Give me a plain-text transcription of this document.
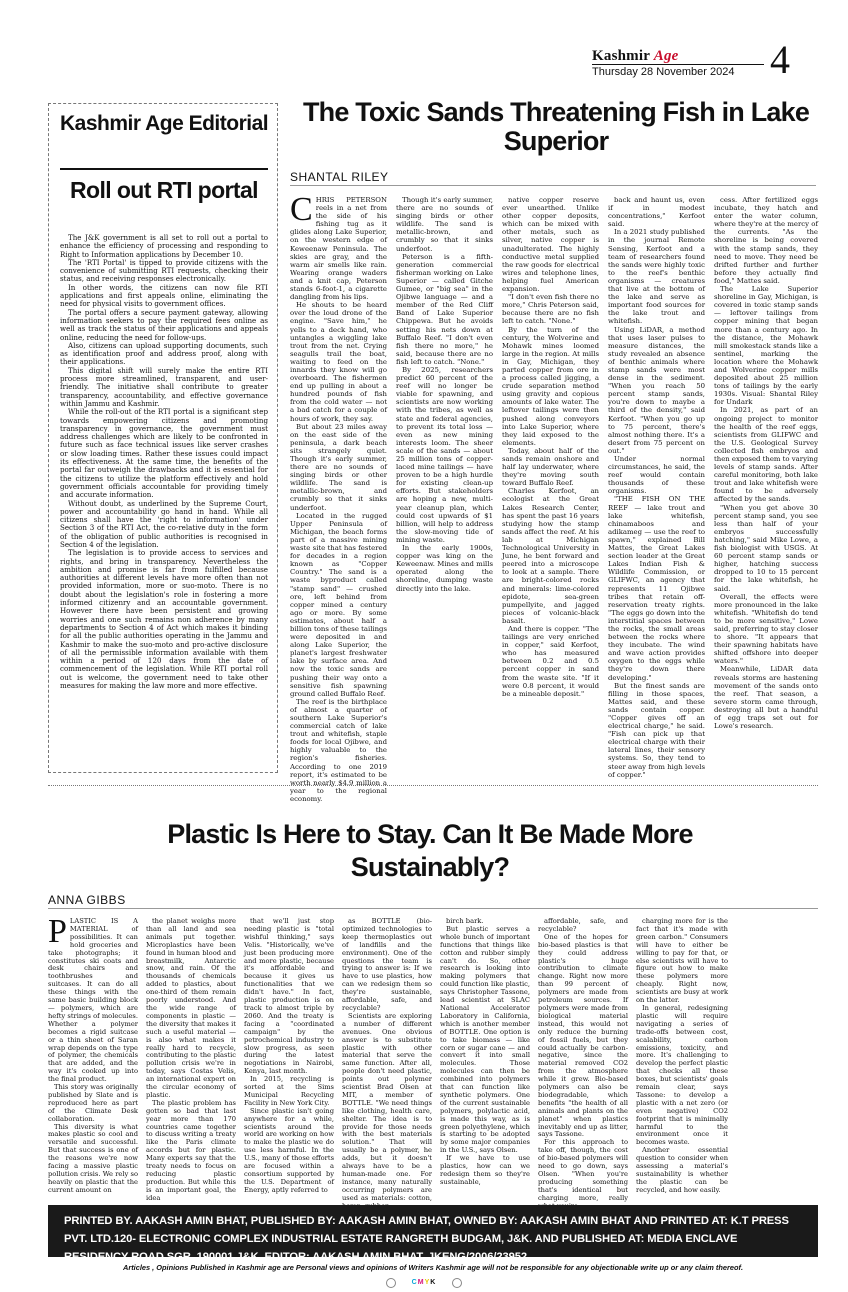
Kashmir Age
Thursday 28 November 2024 4
Kashmir Age Editorial
Roll out RTI portal

The J&K government is all set to roll out a portal to enhance the efficiency of processing and responding to Right to Information applications by December 10.

The 'RTI Portal' is tipped to provide citizens with the convenience of submitting RTI requests, checking their status, and receiving responses electronically.

In other words, the citizens can now file RTI applications and first appeals online, eliminating the need for physical visits to government offices.

The portal offers a secure payment gateway, allowing information seekers to pay the required fees online as well as track the status of their applications and appeals online, reducing the need for follow-ups.

Also, citizens can upload supporting documents, such as identification proof and address proof, along with their applications.

This digital shift will surely make the entire RTI process more streamlined, transparent, and user-friendly. The initiative shall contribute to greater transparency, accountability, and effective governance within Jammu and Kashmir.

While the roll-out of the RTI portal is a significant step towards empowering citizens and promoting transparency in governance, the government must address challenges which are likely to be confronted in future such as face technical issues like server crashes or slow loading times. Rather these issues could impact its effectiveness. At the same time, the benefits of the portal far outweigh the drawbacks and it is essential for the citizens to utilize the platform effectively and hold government officials accountable for providing timely and accurate information.

Without doubt, as underlined by the Supreme Court, power and accountability go hand in hand. While all citizens shall have the 'right to information' under Section 3 of the RTI Act, the co-relative duty in the form of the obligation of public authorities is recognised in Section 4 of the legislation.

The legislation is to provide access to services and rights, and bring in transparency. Nevertheless the ambition and promise is far from fulfilled because authorities at different levels have more often than not provided information, more or suo-moto. There is no doubt about the legislation's role in fostering a more informed citizenry and an accountable government. However there have been persistent and growing worries and one such remains non adherence by many departments to Section 4 of Act which makes it binding for all the public authorities operating in the Jammu and Kashmir to make the suo-moto and pro-active disclosure of all the permissible information available with them within a period of 120 days from the date of commencement of the legislation. While RTI portal roll out is welcome, the government need to take other measures for making the law more and more effective.

The Toxic Sands Threatening Fish in Lake Superior
SHANTAL RILEY

CHRIS PETERSON reels in a net from the side of his fishing tug as it glides along Lake Superior, on the western edge of Keweenaw Peninsula. The skies are gray, and the warm air smells like rain. Wearing orange waders and a knit cap, Peterson stands 6-foot-1, a cigarette dangling from his lips.

He shouts to be heard over the loud drone of the engine. "Save him," he yells to a deck hand, who untangles a wiggling lake trout from the net. Crying seagulls trail the boat, waiting to feed on the innards they know will go overboard. The fishermen end up pulling in about a hundred pounds of fish from the cold water — not a bad catch for a couple of hours of work, they say.

But about 23 miles away on the east side of the peninsula, a dark beach sits strangely quiet. Though it's early summer, there are no sounds of singing birds or other wildlife. The sand is metallic-brown, and crumbly so that it sinks underfoot.

Located in the rugged Upper Peninsula of Michigan, the beach forms part of a massive mining waste site that has festered for decades in a region known as "Copper Country." The sand is a waste byproduct called "stamp sand" — crushed ore, left behind from copper mined a century ago or more. By some estimates, about half a billion tons of these tailings were deposited in and along Lake Superior, the planet's largest freshwater lake by surface area. And now the toxic sands are pushing their way onto a sensitive fish spawning ground called Buffalo Reef.

The reef is the birthplace of almost a quarter of southern Lake Superior's commercial catch of lake trout and whitefish, staple foods for local Ojibwe, and highly valuable to the region's fisheries. According to one 2019 report, it's estimated to be worth nearly $4.9 million a year to the regional economy.

Though it's early summer, there are no sounds of singing birds or other wildlife. The sand is metallic-brown, and crumbly so that it sinks underfoot.

Peterson is a fifth-generation commercial fisherman working on Lake Superior — called Gitche Gumee, or "big sea" in the Ojibwe language — and a member of the Red Cliff Band of Lake Superior Chippewa. But he avoids setting his nets down at Buffalo Reef. "I don't even fish there no more," he said, because there are no fish left to catch. "None."

By 2025, researchers predict 60 percent of the reef will no longer be viable for spawning, and scientists are now working with the tribes, as well as state and federal agencies, to prevent its total loss — even as new mining interests loom. The sheer scale of the sands — about 25 million tons of copper-laced mine tailings — have proven to be a high hurdle for existing clean-up efforts. But stakeholders are hoping a new, multi-year cleanup plan, which could cost upwards of $1 billion, will help to address the slow-moving tide of mining waste.

In the early 1900s, copper was king on the Keweenaw. Mines and mills operated along the shoreline, dumping waste directly into the lake.

native copper reserve ever unearthed. Unlike other copper deposits, which can be mixed with other metals, such as silver, native copper is unadulterated. The highly conductive metal supplied the raw goods for electrical wires and telephone lines, helping fuel American expansion.

"I don't even fish there no more," Chris Peterson said, because there are no fish left to catch. "None."

By the turn of the century, the Wolverine and Mohawk mines loomed large in the region. At mills in Gay, Michigan, they parted copper from ore in a process called jigging, a crude separation method using gravity and copious amounts of lake water. The leftover tailings were then pushed along conveyors into Lake Superior, where they laid exposed to the elements.

Today, about half of the sands remain onshore and half lay underwater, where they're moving south toward Buffalo Reef.

Charles Kerfoot, an ecologist at the Great Lakes Research Center, has spent the past 16 years studying how the stamp sands affect the reef. At his lab at Michigan Technological University in June, he bent forward and peered into a microscope to look at a sample. There are bright-colored rocks and minerals: lime-colored epidote, sea-green pumpellyite, and jagged pieces of volcanic-black basalt.

And there is copper. "The tailings are very enriched in copper," said Kerfoot, who has measured between 0.2 and 0.5 percent copper in sand from the waste site. "If it were 0.8 percent, it would be a mineable deposit."

back and haunt us, even if in modest concentrations," Kerfoot said.

In a 2021 study published in the journal Remote Sensing, Kerfoot and a team of researchers found the sands were highly toxic to the reef's benthic organisms — creatures that live at the bottom of the lake and serve as important food sources for the lake trout and whitefish.

Using LiDAR, a method that uses laser pulses to measure distances, the study revealed an absence of benthic animals where stamp sands were most dense in the sediment. "When you reach 50 percent stamp sands, you're down to maybe a third of the density," said Kerfoot. "When you go up to 75 percent, there's almost nothing there. It's a desert from 75 percent on out."

Under normal circumstances, he said, the reef would contain thousands of these organisms.

"THE FISH ON THE REEF — lake trout and lake whitefish, chinamaboos and adikameg — use the reef to spawn," explained Bill Mattes, the Great Lakes section leader at the Great Lakes Indian Fish & Wildlife Commission, or GLIFWC, an agency that represents 11 Ojibwe tribes that retain off-reservation treaty rights. "The eggs go down into the interstitial spaces between the rocks, the small areas between the rocks where they incubate. The wind and wave action provides oxygen to the eggs while they're down there developing."

But the finest sands are filling in those spaces, Mattes said, and these sands contain copper. "Copper gives off an electrical charge," he said. "Fish can pick up that electrical charge with their lateral lines, their sensory systems. So, they tend to steer away from high levels of copper."

cess. After fertilized eggs incubate, they hatch and enter the water column, where they're at the mercy of the currents. "As the shoreline is being covered with the stamp sands, they need to move. They need be drifted further and further before they actually find food," Mattes said.

The Lake Superior shoreline in Gay, Michigan, is covered in toxic stamp sands — leftover tailings from copper mining that began more than a century ago. In the distance, the Mohawk mill smokestack stands like a sentinel, marking the location where the Mohawk and Wolverine copper mills deposited about 25 million tons of tailings by the early 1930s. Visual: Shantal Riley for Undark

In 2021, as part of an ongoing project to monitor the health of the reef eggs, scientists from GLIFWC and the U.S. Geological Survey collected fish embryos and then exposed them to varying levels of stamp sands. After careful monitoring, both lake trout and lake whitefish were found to be adversely affected by the sands.

"When you get above 30 percent stamp sand, you see less than half of your embryos successfully hatching," said Mike Lowe, a fish biologist with USGS. At 60 percent stamp sands or higher, hatching success dropped to 10 to 15 percent for the lake whitefish, he said.

Overall, the effects were more pronounced in the lake whitefish. "Whitefish do tend to be more sensitive," Lowe said, preferring to stay closer to shore. "It appears that their spawning habitats have shifted offshore into deeper waters."

Meanwhile, LiDAR data reveals storms are hastening movement of the sands onto the reef. That season, a severe storm came through, destroying all but a handful of egg traps set out for Lowe's research.

Plastic Is Here to Stay. Can It Be Made More Sustainably?
ANNA GIBBS

PLASTIC IS A MATERIAL of possibilities. It can hold groceries and take photographs; it constitutes ski coats and desk chairs and toothbrushes and suitcases. It can do all these things with the same basic building block — polymers, which are hefty strings of molecules. Whether a polymer becomes a rigid suitcase or a thin sheet of Saran wrap depends on the type of polymer, the chemicals that are added, and the way it's cooked up into the final product.

This story was originally published by Slate and is reproduced here as part of the Climate Desk collaboration.

This diversity is what makes plastic so cool and versatile and successful. But that success is one of the reasons we're now facing a massive plastic pollution crisis. We rely so heavily on plastic that the current amount on

the planet weighs more than all land and sea animals put together. Microplastics have been found in human blood and breastmilk, Antarctic snow, and rain. Of the thousands of chemicals added to plastics, about one-third of them remain poorly understood. And the wide range of components in plastic — the diversity that makes it such a useful material — is also what makes it really hard to recycle, contributing to the plastic pollution crisis we're in today, says Costas Velis, an international expert on the circular economy of plastic.

The plastic problem has gotten so bad that last year more than 170 countries came together to discuss writing a treaty like the Paris climate accords but for plastic. Many experts say that the treaty needs to focus on reducing plastic production. But while this is an important goal, the idea

that we'll just stop needing plastic is "total wishful thinking," says Velis. "Historically, we've just been producing more and more plastic, because it's affordable and because it gives us functionalities that we didn't have." In fact, plastic production is on track to almost triple by 2060. And the treaty is facing a "coordinated campaign" by the petrochemical industry to slow progress, as seen during the latest negotiations in Nairobi, Kenya, last month.

In 2015, recycling is sorted at the Sims Municipal Recycling Facility in New York City.

Since plastic isn't going anywhere for a while, scientists around the world are working on how to make the plastic we do use less harmful. In the U.S., many of those efforts are focused within a consortium supported by the U.S. Department of Energy, aptly referred to

as BOTTLE (bio-optimized technologies to keep thermoplastics out of landfills and the environment). One of the questions the team is trying to answer is: If we have to use plastics, how can we redesign them so they're sustainable, affordable, safe, and recyclable?

Scientists are exploring a number of different avenues. One obvious answer is to substitute plastic with other material that serve the same function. After all, people don't need plastic, points out polymer scientist Brad Olsen at MIT, a member of BOTTLE. "We need things like clothing, health care, shelter. The idea is to provide for those needs with the best materials solution." That will usually be a polymer, he adds, but it doesn't always have to be a human-made one. For instance, many naturally occurring polymers are used as materials: cotton,

birch bark.

But plastic serves a whole bunch of important functions that things like cotton and rubber simply can't do. So, other research is looking into making polymers that could function like plastic, says Christopher Tassone, lead scientist at SLAC National Accelerator Laboratory in California, which is another member of BOTTLE. One option is to take biomass — like corn or sugar cane — and convert it into small molecules. Those molecules can then be combined into polymers that can function like synthetic polymers. One of the current sustainable polymers, polylactic acid, is made this way, as is green polyethylene, which is starting to be adopted by some major companies in the U.S., says Olsen.

If we have to use plastics, how can we redesign them so they're sustainable,

affordable, safe, and recyclable?

One of the hopes for bio-based plastics is that they could address plastic's huge contribution to climate change. Right now more than 99 percent of polymers are made from petroleum sources. If polymers were made from biological material instead, this would not only reduce the burning of fossil fuels, but they could actually be carbon-negative, since the material removed CO2 from the atmosphere while it grew. Bio-based polymers can also be biodegradable, which benefits "the health of all animals and plants on the planet" when plastics inevitably end up as litter, says Tassone.

For this approach to take off, though, the cost of bio-based polymers will need to go down, says Olsen. "When you're producing something that's identical but charging more, really

charging more for is the fact that it's made with green carbon." Consumers will have to either be willing to pay for that, or else scientists will have to figure out how to make these polymers more cheaply. Right now, scientists are busy at work on the latter.

In general, redesigning plastic will require navigating a series of trade-offs between cost, scalability, carbon emissions, toxicity, and more. It's challenging to develop the perfect plastic that checks all these boxes, but scientists' goals remain clear, says Tassone: to develop a plastic with a net zero (or even negative) CO2 footprint that is minimally harmful to the environment once it becomes waste.

Another essential question to consider when assessing a material's sustainability is whether the plastic can be recycled, and how easily.

PRINTED BY. AAKASH AMIN BHAT, PUBLISHED BY: AAKASH AMIN BHAT, OWNED BY: AAKASH AMIN BHAT AND PRINTED AT: K.T PRESS PVT. LTD.120- ELECTRONIC COMPLEX INDUSTRIAL ESTATE RANGRETH BUDGAM, J&K. AND PUBLISHED AT: MEDIA ENCLAVE RESIDENCY ROAD SGR. 190001 J&K. EDITOR: AAKASH AMIN BHAT, JKENG/2006/23952
Articles , Opinions Published in Kashmir age are Personal views and opinions of Writers Kashmir age will not be responsible for any objectionable write up or any claim thereof.
CMYK
